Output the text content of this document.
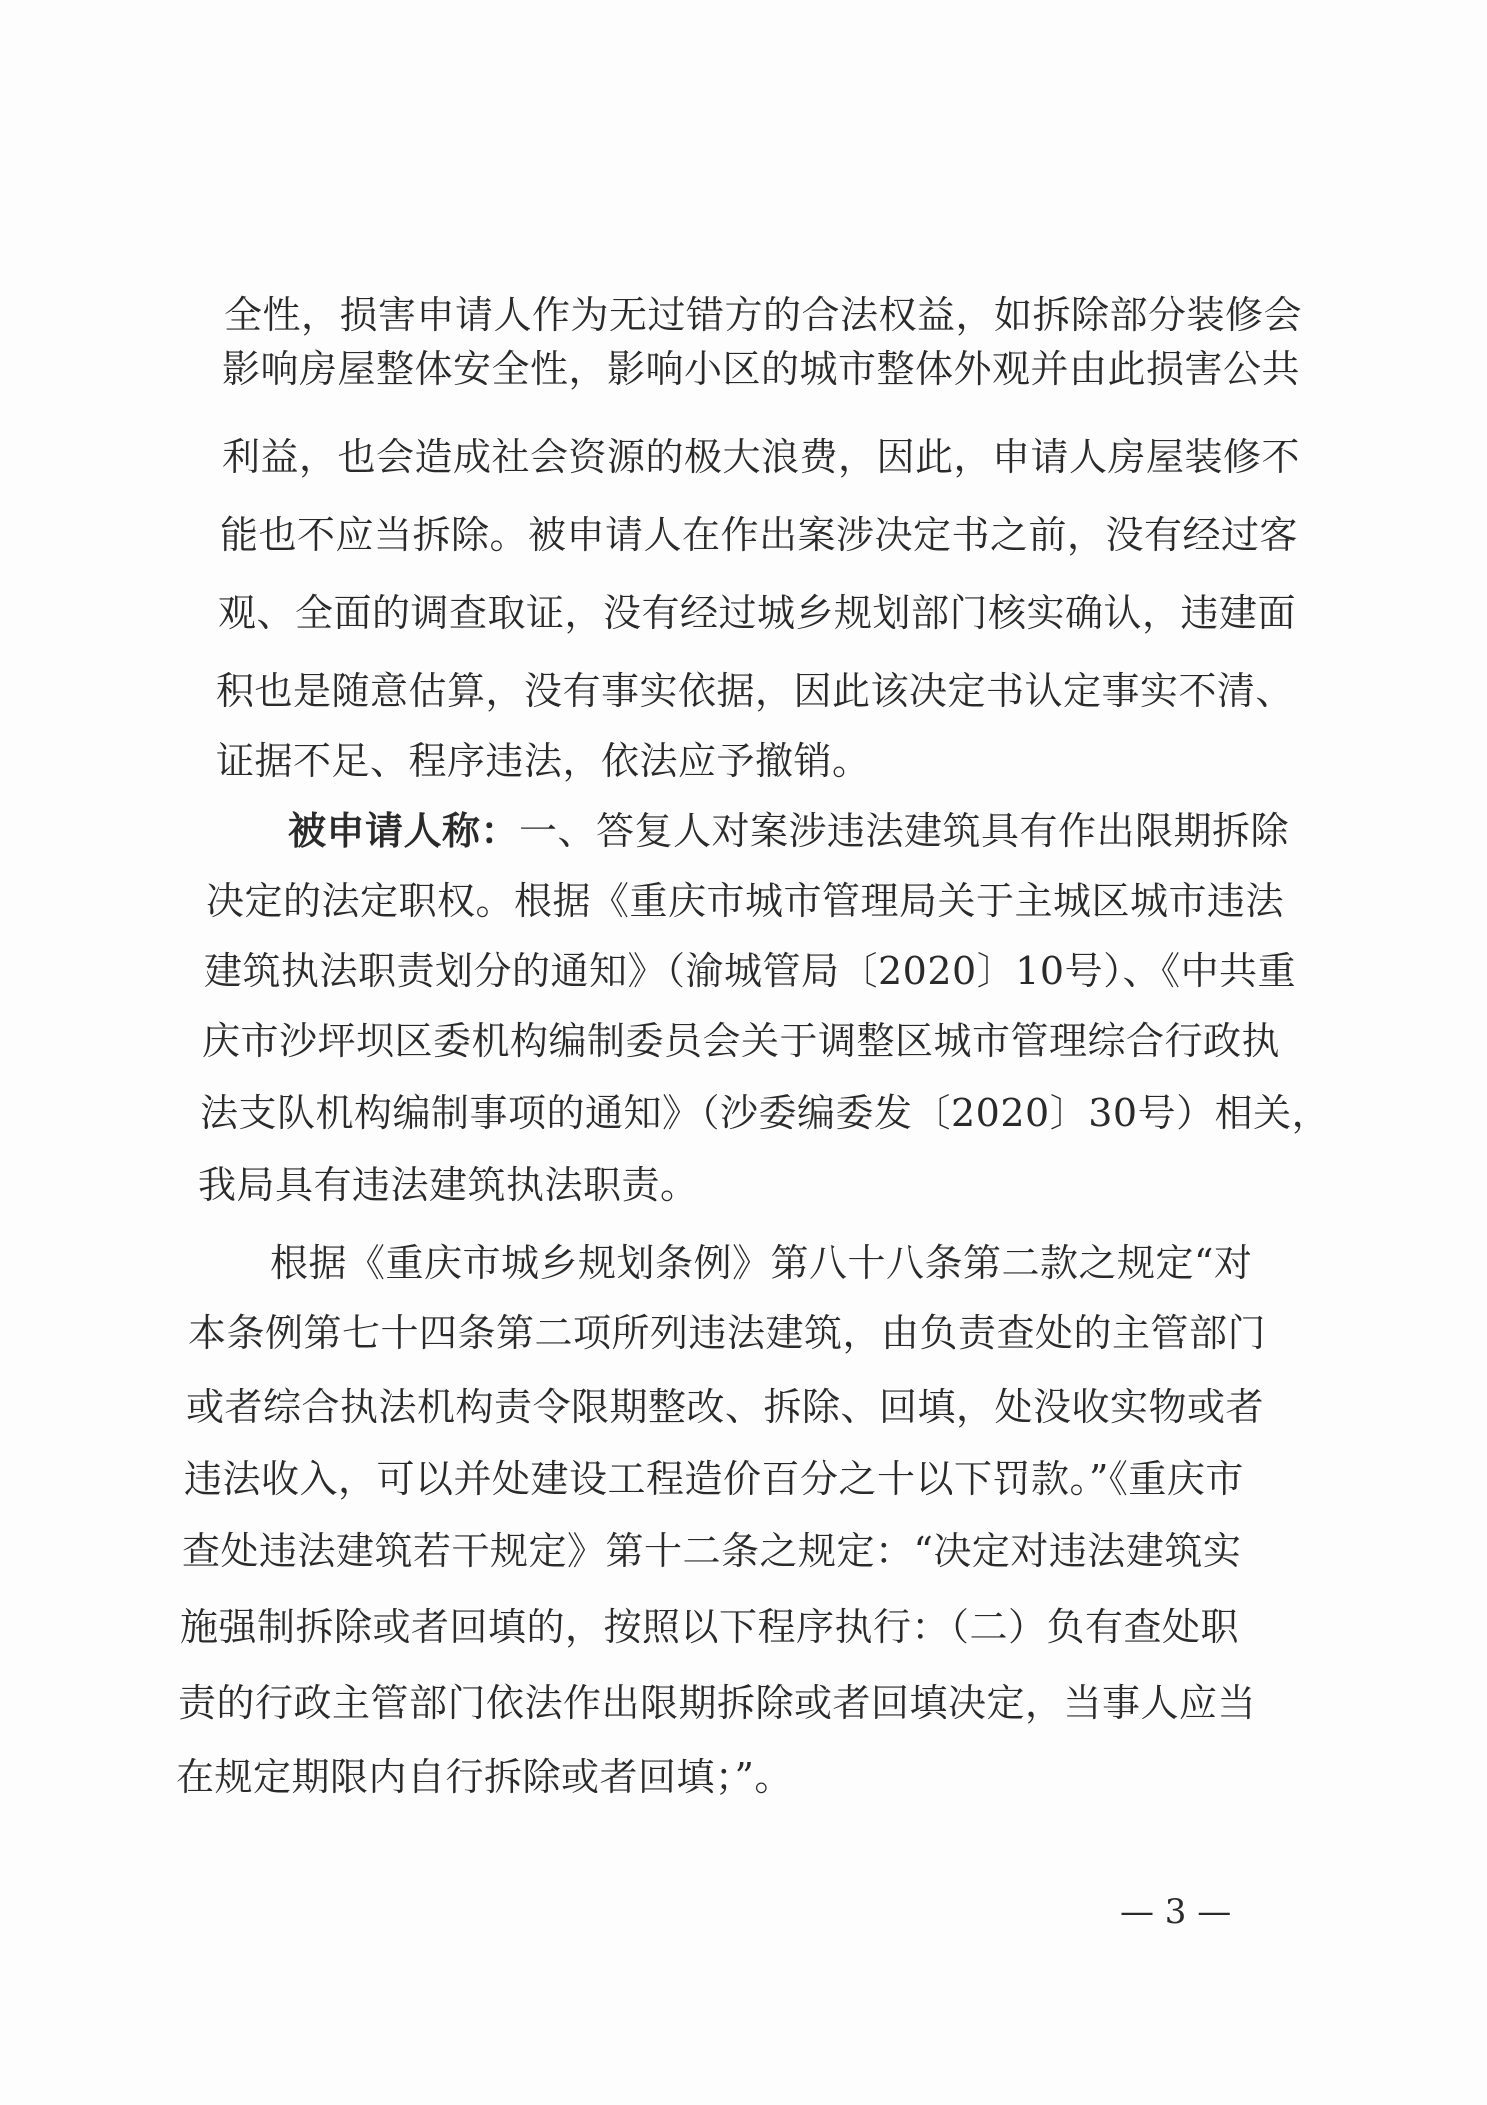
全性，损害申请人作为无过错方的合法权益，如拆除部分装修会
影响房屋整体安全性，影响小区的城市整体外观并由此损害公共
利益，也会造成社会资源的极大浪费，因此，申请人房屋装修不
能也不应当拆除。被申请人在作出案涉决定书之前，没有经过客
观、全面的调查取证，没有经过城乡规划部门核实确认，违建面
积也是随意估算，没有事实依据，因此该决定书认定事实不清、
证据不足、程序违法，依法应予撤销。
被申请人称：一、答复人对案涉违法建筑具有作出限期拆除
决定的法定职权。根据《重庆市城市管理局关于主城区城市违法
建筑执法职责划分的通知》（渝城管局〔2020〕10号）、《中共重
庆市沙坪坝区委机构编制委员会关于调整区城市管理综合行政执
法支队机构编制事项的通知》（沙委编委发〔2020〕30号）相关，
我局具有违法建筑执法职责。
根据《重庆市城乡规划条例》第八十八条第二款之规定“对
本条例第七十四条第二项所列违法建筑，由负责查处的主管部门
或者综合执法机构责令限期整改、拆除、回填，处没收实物或者
违法收入，可以并处建设工程造价百分之十以下罚款。”《重庆市
查处违法建筑若干规定》第十二条之规定：“决定对违法建筑实
施强制拆除或者回填的，按照以下程序执行：（二）负有查处职
责的行政主管部门依法作出限期拆除或者回填决定，当事人应当
在规定期限内自行拆除或者回填；”。
— 3 —
